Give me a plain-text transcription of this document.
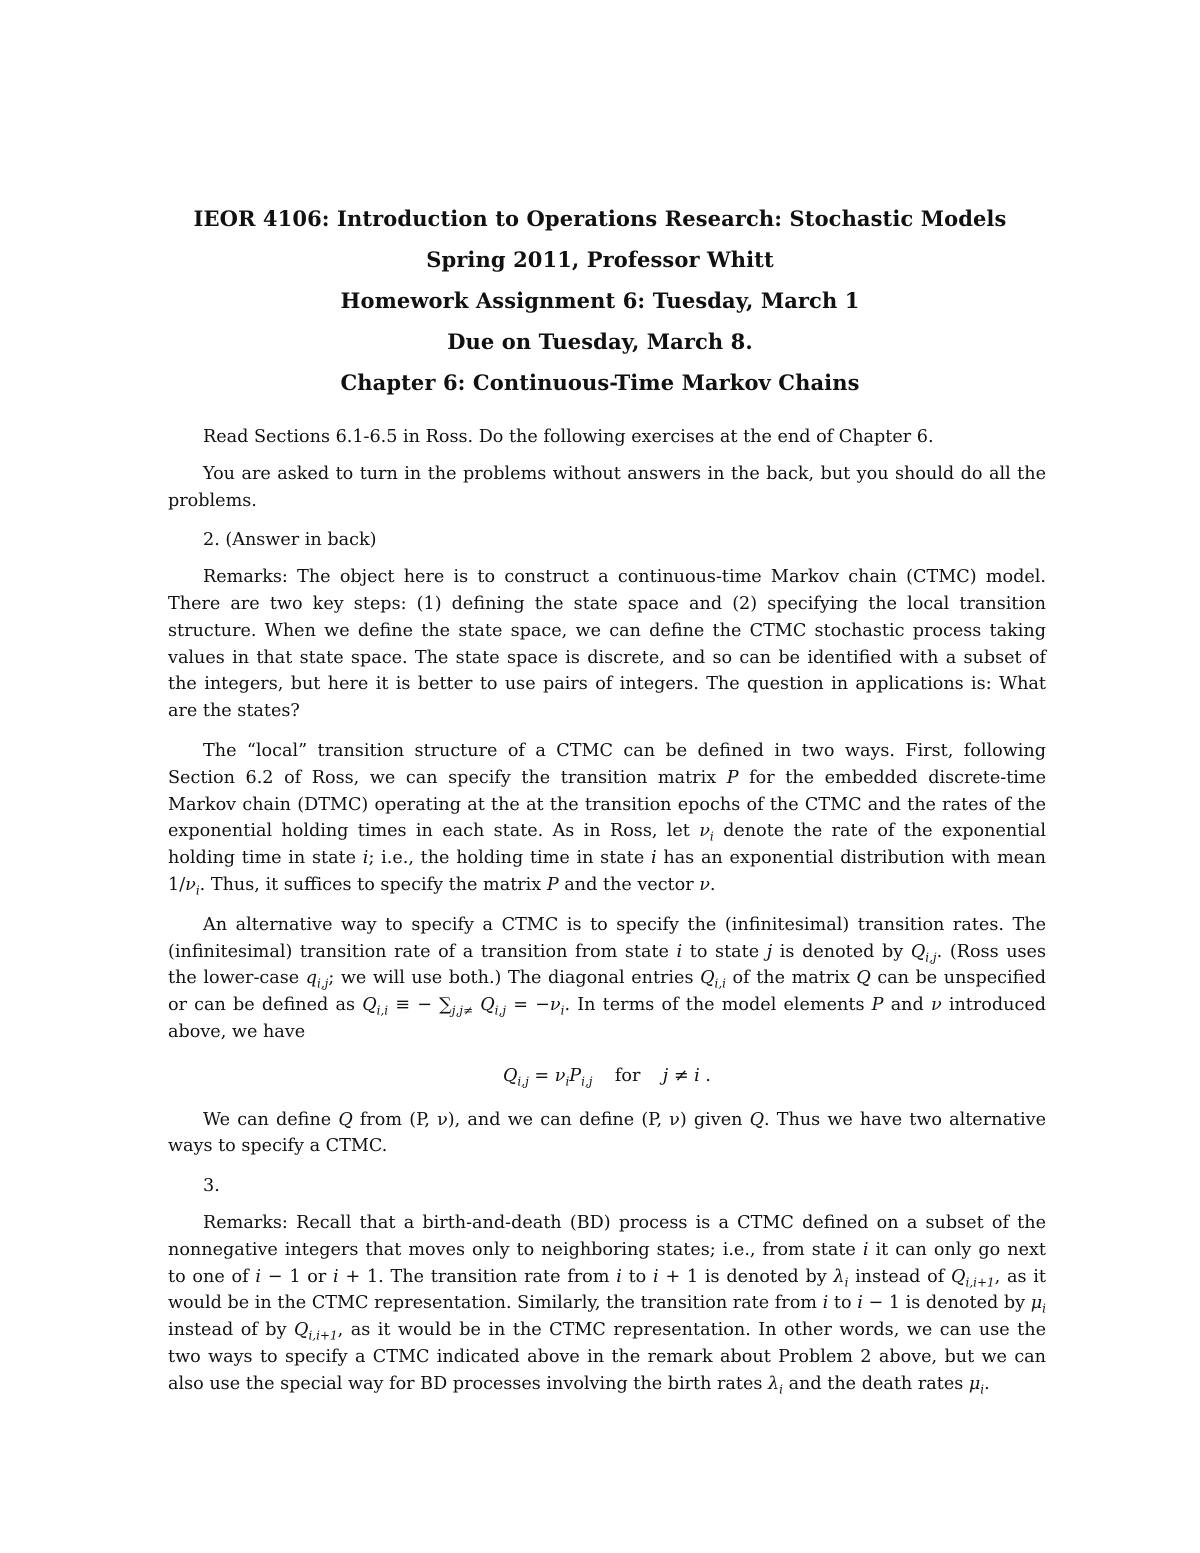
IEOR 4106: Introduction to Operations Research: Stochastic Models
Spring 2011, Professor Whitt
Homework Assignment 6: Tuesday, March 1
Due on Tuesday, March 8.
Chapter 6: Continuous-Time Markov Chains

Read Sections 6.1-6.5 in Ross. Do the following exercises at the end of Chapter 6.

You are asked to turn in the problems without answers in the back, but you should do all the problems.

2. (Answer in back)

Remarks: The object here is to construct a continuous-time Markov chain (CTMC) model. There are two key steps: (1) defining the state space and (2) specifying the local transition structure. When we define the state space, we can define the CTMC stochastic process taking values in that state space. The state space is discrete, and so can be identified with a subset of the integers, but here it is better to use pairs of integers. The question in applications is: What are the states?

The “local” transition structure of a CTMC can be defined in two ways. First, following Section 6.2 of Ross, we can specify the transition matrix P for the embedded discrete-time Markov chain (DTMC) operating at the at the transition epochs of the CTMC and the rates of the exponential holding times in each state. As in Ross, let $\nu_i$ denote the rate of the exponential holding time in state i; i.e., the holding time in state i has an exponential distribution with mean $1/\nu_i$. Thus, it suffices to specify the matrix P and the vector ν.

An alternative way to specify a CTMC is to specify the (infinitesimal) transition rates. The (infinitesimal) transition rate of a transition from state i to state j is denoted by $Q_{i,j}$. (Ross uses the lower-case $q_{i,j}$; we will use both.) The diagonal entries $Q_{i,i}$ of the matrix Q can be unspecified or can be defined as $Q_{i,i}$ ≡ − $\sum_{j,j\ne}$ $Q_{i,j} = -\nu_i$. In terms of the model elements P and ν introduced above, we have

$Q_{i,j} = \nu_iP_{i,j}$    for    j ≠ i .

We can define Q from (P, ν), and we can define (P, ν) given Q. Thus we have two alternative ways to specify a CTMC.

3.

Remarks: Recall that a birth-and-death (BD) process is a CTMC defined on a subset of the nonnegative integers that moves only to neighboring states; i.e., from state i it can only go next to one of i − 1 or i + 1. The transition rate from i to i + 1 is denoted by $\lambda_i$ instead of $Q_{i,i+1}$, as it would be in the CTMC representation. Similarly, the transition rate from i to i − 1 is denoted by $\mu_i$ instead of by $Q_{i,i+1}$, as it would be in the CTMC representation. In other words, we can use the two ways to specify a CTMC indicated above in the remark about Problem 2 above, but we can also use the special way for BD processes involving the birth rates $\lambda_i$ and the death rates $\mu_i$.
